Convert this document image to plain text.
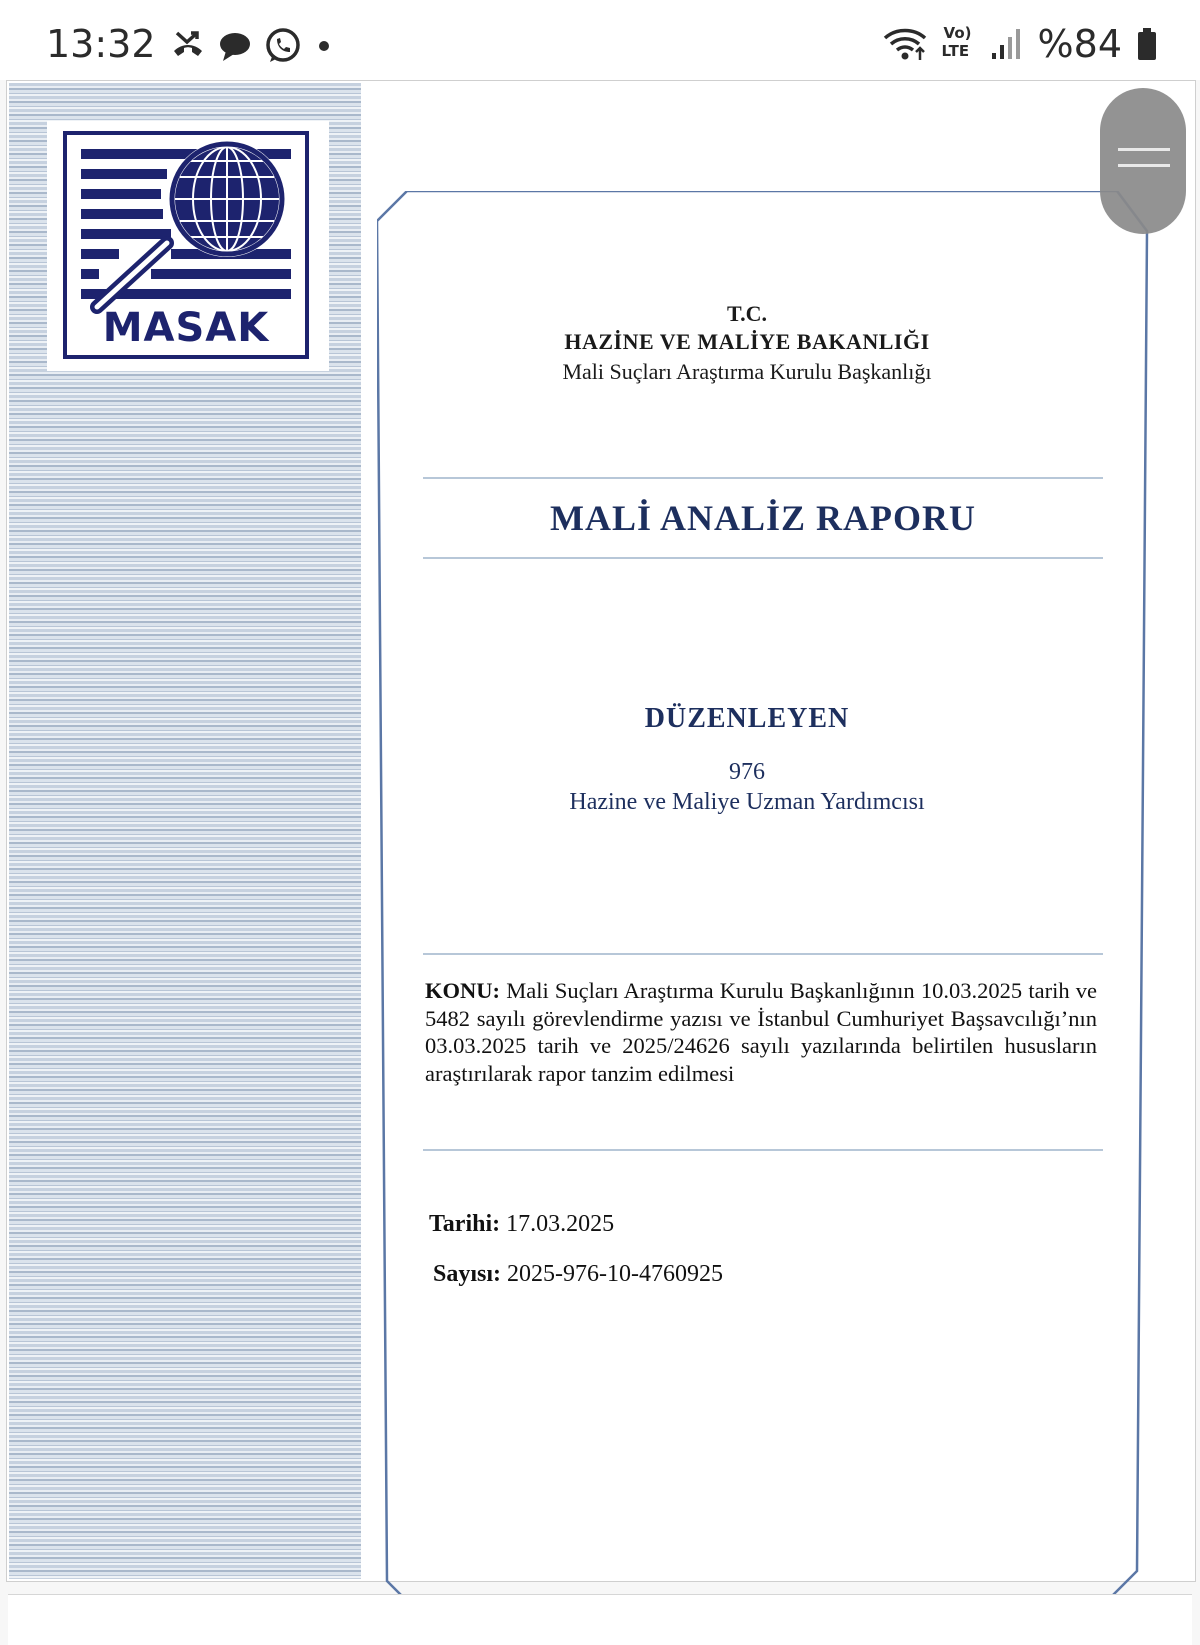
13:32	Vo)
LTE %84
MASAK	T.C.
HAZİNE VE MALİYE BAKANLIĞI
Mali Suçları Araştırma Kurulu Başkanlığı
MALİ ANALİZ RAPORU
DÜZENLEYEN
976
Hazine ve Maliye Uzman Yardımcısı
KONU: Mali Suçları Araştırma Kurulu Başkanlığının 10.03.2025 tarih ve 5482 sayılı görevlendirme yazısı ve İstanbul Cumhuriyet Başsavcılığı’nın 03.03.2025 tarih ve 2025/24626 sayılı yazılarında belirtilen hususların araştırılarak rapor tanzim edilmesi
Tarihi: 17.03.2025
Sayısı: 2025-976-10-4760925
